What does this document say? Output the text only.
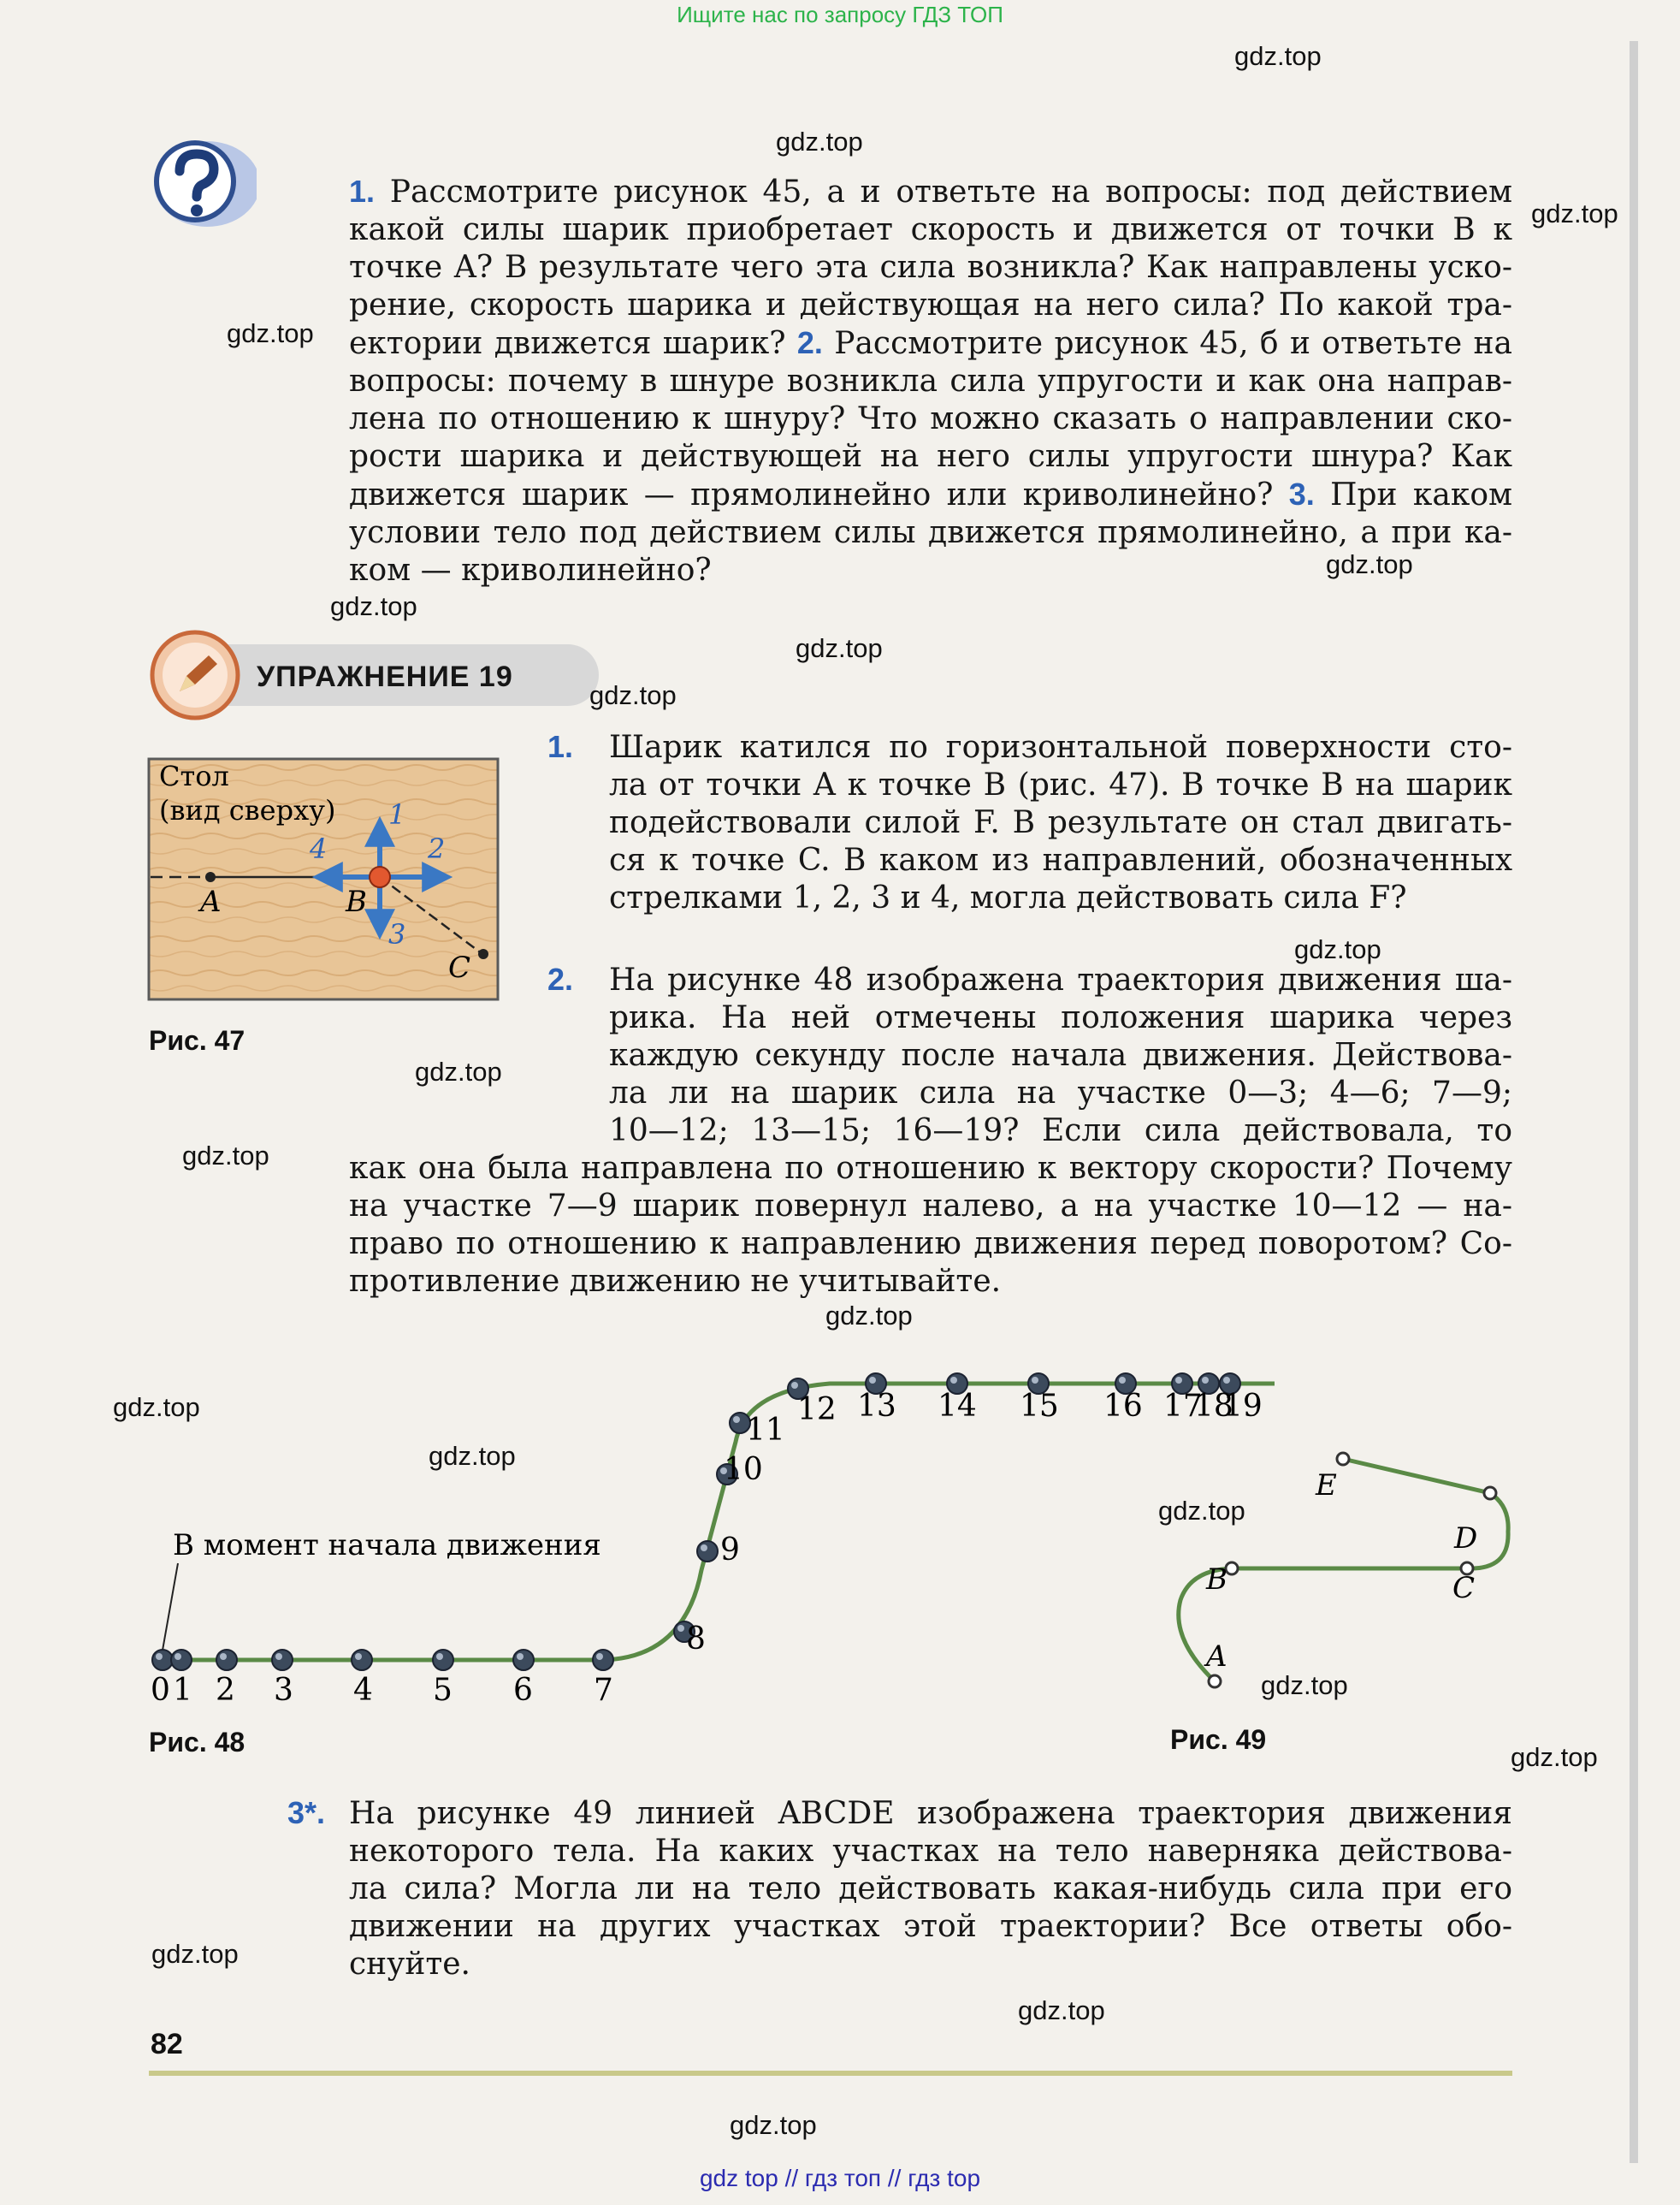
Ищите нас по запросу ГДЗ ТОП
gdz top // гдз топ // гдз top
1. Рассмотрите рисунок 45, а и ответьте на вопросы: под действием
какой силы шарик приобретает скорость и движется от точки B к
точке A? В результате чего эта сила возникла? Как направлены уско-
рение, скорость шарика и действующая на него сила? По какой тра-
ектории движется шарик? 2. Рассмотрите рисунок 45, б и ответьте на
вопросы: почему в шнуре возникла сила упругости и как она направ-
лена по отношению к шнуру? Что можно сказать о направлении ско-
рости шарика и действующей на него силы упругости шнура? Как
движется шарик — прямолинейно или криволинейно? 3. При каком
условии тело под действием силы движется прямолинейно, а при ка-
ком — криволинейно?
УПРАЖНЕНИЕ 19
Стол
(вид сверху)
A	B
C
1
2
3
4
Рис. 47
Шарик катился по горизонтальной поверхности сто-
ла от точки A к точке B (рис. 47). В точке B на шарик
подействовали силой F. В результате он стал двигать-
ся к точке C. В каком из направлений, обозначенных
стрелками 1, 2, 3 и 4, могла действовать сила F?
1.
На рисунке 48 изображена траектория движения ша-
рика. На ней отмечены положения шарика через
каждую секунду после начала движения. Действова-
ла ли на шарик сила на участке 0—3; 4—6; 7—9;
10—12; 13—15; 16—19? Если сила действовала, то
2.
как она была направлена по отношению к вектору скорости? Почему
на участке 7—9 шарик повернул налево, а на участке 10—12 — на-
право по отношению к направлению движения перед поворотом? Со-
противление движению не учитывайте.
В момент начала движения
0 1 2 3 4 5 6 7
8
9
10
11
12 13 14 15 16 17
18
19
Рис. 48
A
B	C
D
E
Рис. 49
3*. На рисунке 49 линией ABCDE изображена траектория движения
некоторого тела. На каких участках на тело наверняка действова-
ла сила? Могла ли на тело действовать какая-нибудь сила при его
движении на других участках этой траектории? Все ответы обо-
снуйте.
82
gdz.top
gdz.top
gdz.top
gdz.top
gdz.top
gdz.top
gdz.top
gdz.top
gdz.top
gdz.top
gdz.top
gdz.top
gdz.top
gdz.top
gdz.top
gdz.top
gdz.top
gdz.top
gdz.top
gdz.top
